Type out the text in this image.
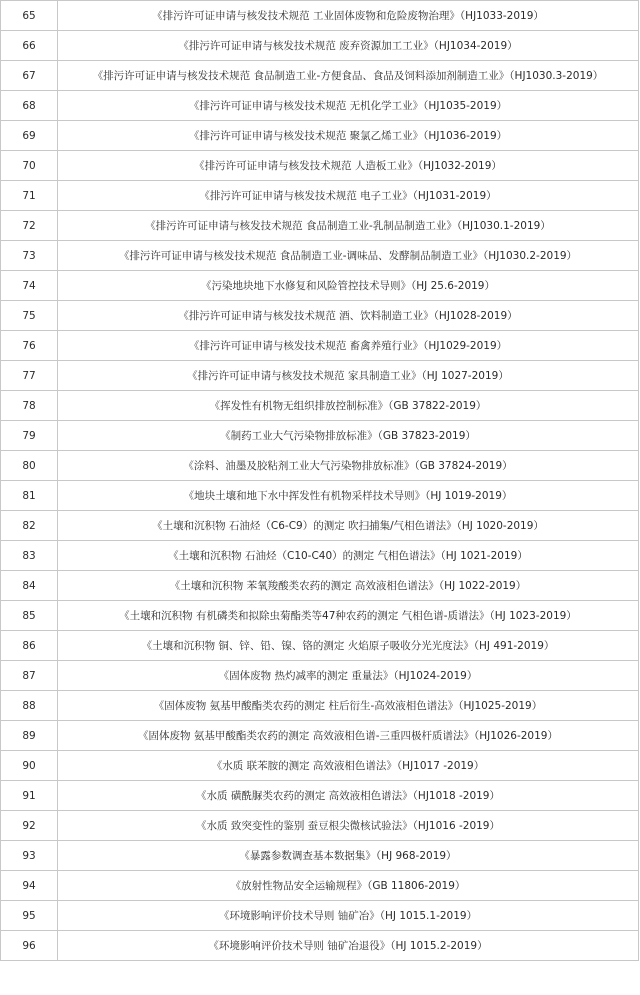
65	《排污许可证申请与核发技术规范 工业固体废物和危险废物治理》（HJ1033-2019）
66	《排污许可证申请与核发技术规范 废弃资源加工工业》（HJ1034-2019）
67	《排污许可证申请与核发技术规范 食品制造工业-方便食品、食品及饲料添加剂制造工业》（HJ1030.3-2019）
68	《排污许可证申请与核发技术规范 无机化学工业》（HJ1035-2019）
69	《排污许可证申请与核发技术规范 聚氯乙烯工业》（HJ1036-2019）
70	《排污许可证申请与核发技术规范 人造板工业》（HJ1032-2019）
71	《排污许可证申请与核发技术规范 电子工业》（HJ1031-2019）
72	《排污许可证申请与核发技术规范 食品制造工业-乳制品制造工业》（HJ1030.1-2019）
73	《排污许可证申请与核发技术规范 食品制造工业-调味品、发酵制品制造工业》（HJ1030.2-2019）
74	《污染地块地下水修复和风险管控技术导则》（HJ 25.6-2019）
75	《排污许可证申请与核发技术规范 酒、饮料制造工业》（HJ1028-2019）
76	《排污许可证申请与核发技术规范 畜禽养殖行业》（HJ1029-2019）
77	《排污许可证申请与核发技术规范 家具制造工业》（HJ 1027-2019）
78	《挥发性有机物无组织排放控制标准》（GB 37822-2019）
79	《制药工业大气污染物排放标准》（GB 37823-2019）
80	《涂料、油墨及胶粘剂工业大气污染物排放标准》（GB 37824-2019）
81	《地块土壤和地下水中挥发性有机物采样技术导则》（HJ 1019-2019）
82	《土壤和沉积物 石油烃（C6-C9）的测定 吹扫捕集/气相色谱法》（HJ 1020-2019）
83	《土壤和沉积物 石油烃（C10-C40）的测定 气相色谱法》（HJ 1021-2019）
84	《土壤和沉积物 苯氧羧酸类农药的测定 高效液相色谱法》（HJ 1022-2019）
85	《土壤和沉积物 有机磷类和拟除虫菊酯类等47种农药的测定 气相色谱-质谱法》（HJ 1023-2019）
86	《土壤和沉积物 铜、锌、铅、镍、铬的测定 火焰原子吸收分光光度法》（HJ 491-2019）
87	《固体废物 热灼减率的测定 重量法》（HJ1024-2019）
88	《固体废物 氨基甲酸酯类农药的测定 柱后衍生-高效液相色谱法》（HJ1025-2019）
89	《固体废物 氨基甲酸酯类农药的测定 高效液相色谱-三重四极杆质谱法》（HJ1026-2019）
90	《水质 联苯胺的测定 高效液相色谱法》（HJ1017 -2019）
91	《水质 磺酰脲类农药的测定 高效液相色谱法》（HJ1018 -2019）
92	《水质 致突变性的鉴别 蚕豆根尖微核试验法》（HJ1016 -2019）
93	《暴露参数调查基本数据集》（HJ 968-2019）
94	《放射性物品安全运输规程》（GB 11806-2019）
95	《环境影响评价技术导则 铀矿冶》（HJ 1015.1-2019）
96	《环境影响评价技术导则 铀矿冶退役》（HJ 1015.2-2019）
